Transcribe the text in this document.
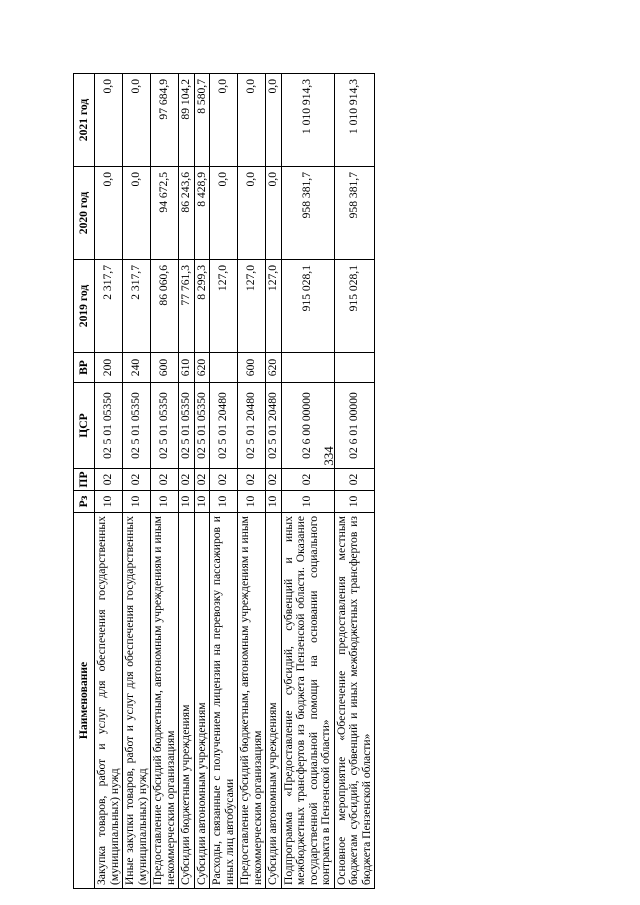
334
Наименование	Рз	ПР	ЦСР	ВР	2019 год	2020 год	2021 год
Закупка товаров, работ и услуг для обеспечения государственных (муниципальных) нужд	10	02	02 5 01 05350	200	2 317,7	0,0	0,0
Иные закупки товаров, работ и услуг для обеспечения государственных (муниципальных) нужд	10	02	02 5 01 05350	240	2 317,7	0,0	0,0
Предоставление субсидий бюджетным, автономным учреждениям и иным некоммерческим организациям	10	02	02 5 01 05350	600	86 060,6	94 672,5	97 684,9
Субсидии бюджетным учреждениям	10	02	02 5 01 05350	610	77 761,3	86 243,6	89 104,2
Субсидии автономным учреждениям	10	02	02 5 01 05350	620	8 299,3	8 428,9	8 580,7
Расходы, связанные с получением лицензии на перевозку пассажиров и иных лиц автобусами	10	02	02 5 01 20480		127,0	0,0	0,0
Предоставление субсидий бюджетным, автономным учреждениям и иным некоммерческим организациям	10	02	02 5 01 20480	600	127,0	0,0	0,0
Субсидии автономным учреждениям	10	02	02 5 01 20480	620	127,0	0,0	0,0
Подпрограмма «Предоставление субсидий, субвенций и иных межбюджетных трансфертов из бюджета Пензенской области. Оказание государственной социальной помощи на основании социального контракта в Пензенской области»	10	02	02 6 00 00000		915 028,1	958 381,7	1 010 914,3
Основное мероприятие «Обеспечение предоставления местным бюджетам субсидий, субвенций и иных межбюджетных трансфертов из бюджета Пензенской области»	10	02	02 6 01 00000		915 028,1	958 381,7	1 010 914,3
